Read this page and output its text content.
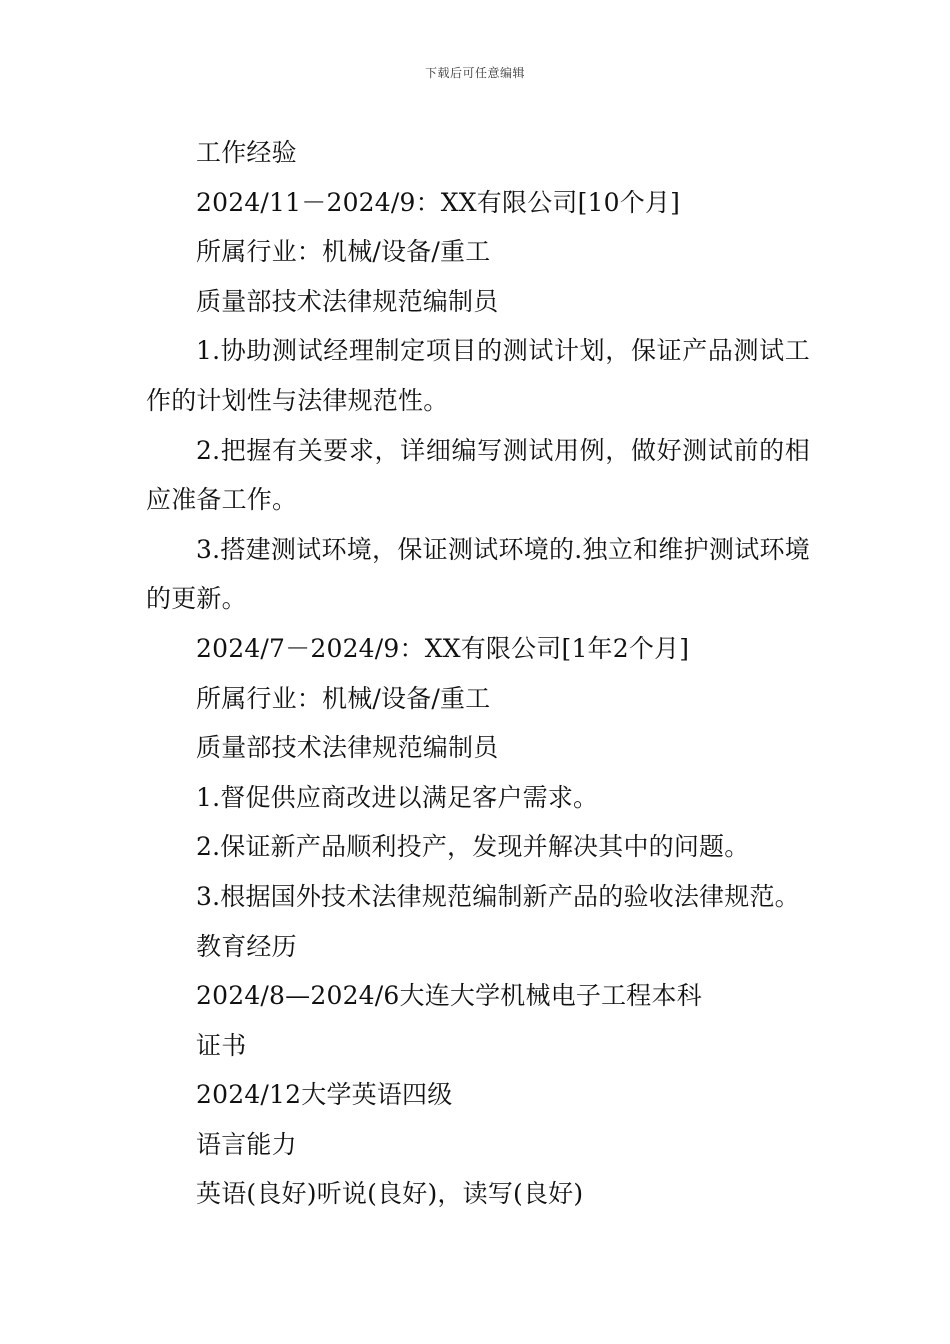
下载后可任意编辑
工作经验
2024/11－2024/9：XX有限公司[10个月]
所属行业：机械/设备/重工
质量部技术法律规范编制员
1.协助测试经理制定项目的测试计划，保证产品测试工作的计划性与法律规范性。
2.把握有关要求，详细编写测试用例，做好测试前的相应准备工作。
3.搭建测试环境，保证测试环境的.独立和维护测试环境的更新。
2024/7－2024/9：XX有限公司[1年2个月]
所属行业：机械/设备/重工
质量部技术法律规范编制员
1.督促供应商改进以满足客户需求。
2.保证新产品顺利投产，发现并解决其中的问题。
3.根据国外技术法律规范编制新产品的验收法律规范。
教育经历
2024/8—2024/6大连大学机械电子工程本科
证书
2024/12大学英语四级
语言能力
英语(良好)听说(良好)，读写(良好)
